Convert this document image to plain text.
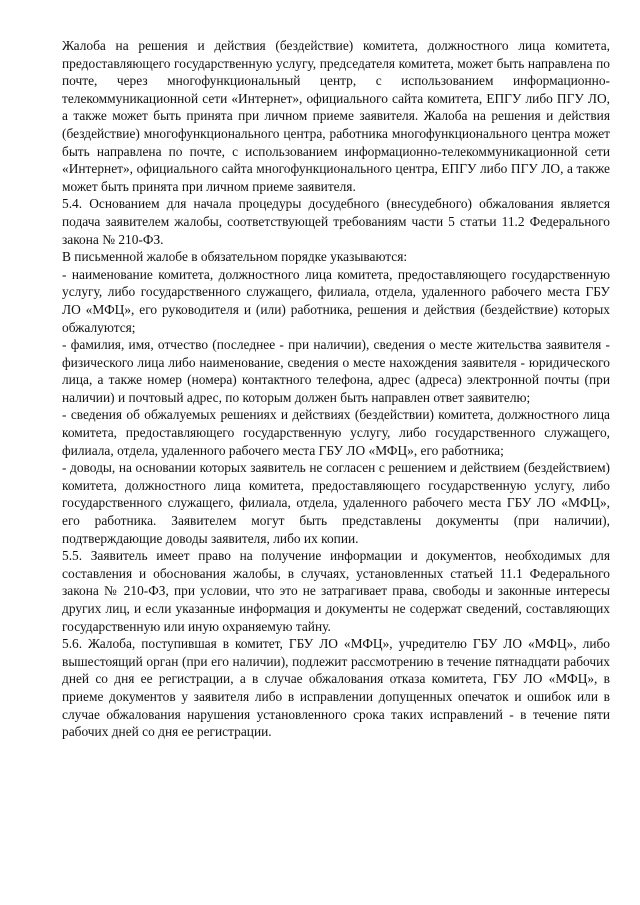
Жалоба на решения и действия (бездействие) комитета, должностного лица комитета, предоставляющего государственную услугу, председателя комитета, может быть направлена по почте, через многофункциональный центр, с использованием информационно-телекоммуникационной сети «Интернет», официального сайта комитета, ЕПГУ либо ПГУ ЛО, а также может быть принята при личном приеме заявителя. Жалоба на решения и действия (бездействие) многофункционального центра, работника многофункционального центра может быть направлена по почте, с использованием информационно-телекоммуникационной сети «Интернет», официального сайта многофункционального центра, ЕПГУ либо ПГУ ЛО, а также может быть принята при личном приеме заявителя.

5.4. Основанием для начала процедуры досудебного (внесудебного) обжалования является подача заявителем жалобы, соответствующей требованиям части 5 статьи 11.2 Федерального закона № 210-ФЗ.

В письменной жалобе в обязательном порядке указываются:

- наименование комитета, должностного лица комитета, предоставляющего государственную услугу, либо государственного служащего, филиала, отдела, удаленного рабочего места ГБУ ЛО «МФЦ», его руководителя и (или) работника, решения и действия (бездействие) которых обжалуются;

- фамилия, имя, отчество (последнее - при наличии), сведения о месте жительства заявителя - физического лица либо наименование, сведения о месте нахождения заявителя - юридического лица, а также номер (номера) контактного телефона, адрес (адреса) электронной почты (при наличии) и почтовый адрес, по которым должен быть направлен ответ заявителю;

- сведения об обжалуемых решениях и действиях (бездействии) комитета, должностного лица комитета, предоставляющего государственную услугу, либо государственного служащего, филиала, отдела, удаленного рабочего места ГБУ ЛО «МФЦ», его работника;

- доводы, на основании которых заявитель не согласен с решением и действием (бездействием) комитета, должностного лица комитета, предоставляющего государственную услугу, либо государственного служащего, филиала, отдела, удаленного рабочего места ГБУ ЛО «МФЦ», его работника. Заявителем могут быть представлены документы (при наличии), подтверждающие доводы заявителя, либо их копии.

5.5. Заявитель имеет право на получение информации и документов, необходимых для составления и обоснования жалобы, в случаях, установленных статьей 11.1 Федерального закона № 210-ФЗ, при условии, что это не затрагивает права, свободы и законные интересы других лиц, и если указанные информация и документы не содержат сведений, составляющих государственную или иную охраняемую тайну.

5.6. Жалоба, поступившая в комитет, ГБУ ЛО «МФЦ», учредителю ГБУ ЛО «МФЦ», либо вышестоящий орган (при его наличии), подлежит рассмотрению в течение пятнадцати рабочих дней со дня ее регистрации, а в случае обжалования отказа комитета, ГБУ ЛО «МФЦ», в приеме документов у заявителя либо в исправлении допущенных опечаток и ошибок или в случае обжалования нарушения установленного срока таких исправлений - в течение пяти рабочих дней со дня ее регистрации.
